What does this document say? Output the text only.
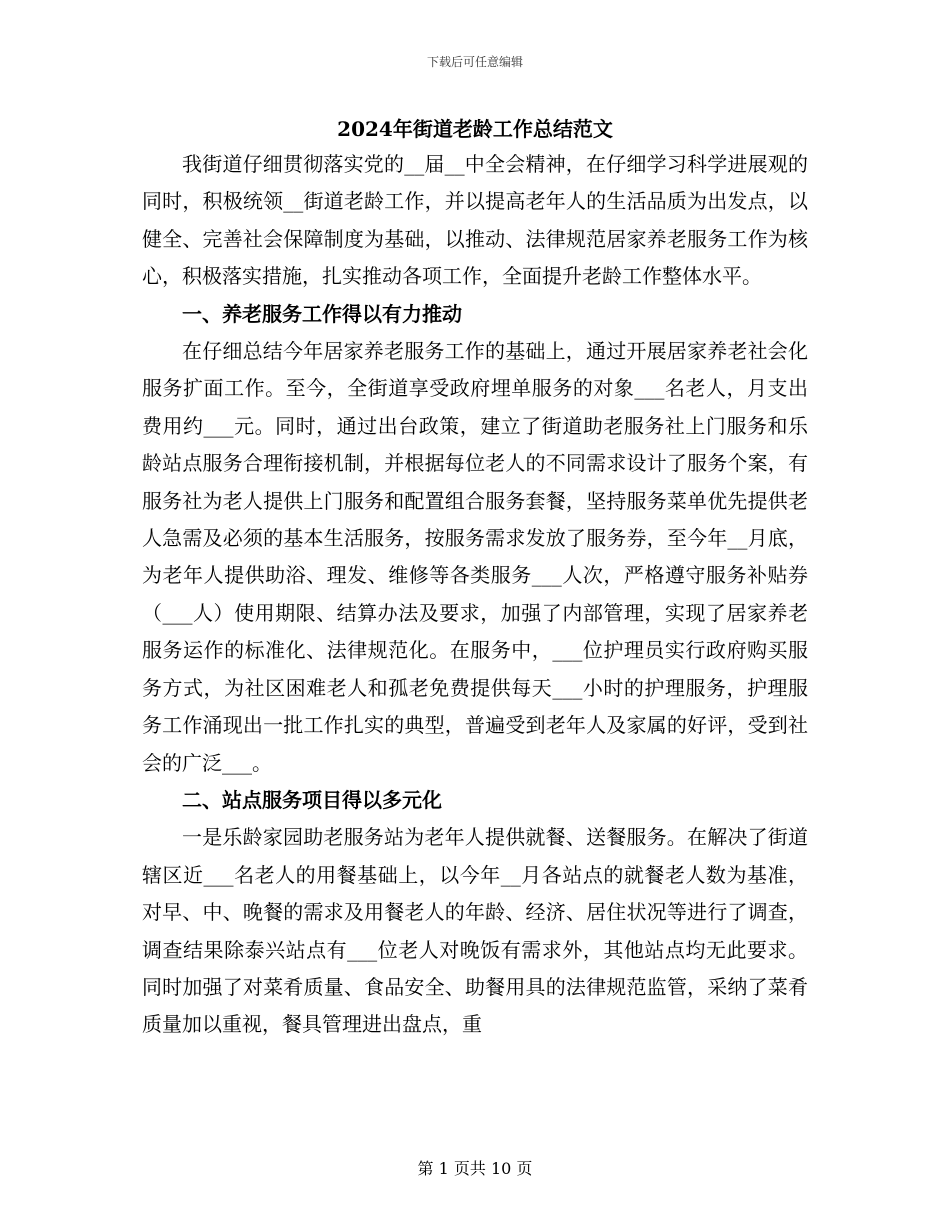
下载后可任意编辑
2024年街道老龄工作总结范文

我街道仔细贯彻落实党的__届__中全会精神，在仔细学习科学进展观的同时，积极统领__街道老龄工作，并以提高老年人的生活品质为出发点，以健全、完善社会保障制度为基础，以推动、法律规范居家养老服务工作为核心，积极落实措施，扎实推动各项工作，全面提升老龄工作整体水平。

一、养老服务工作得以有力推动

在仔细总结今年居家养老服务工作的基础上，通过开展居家养老社会化服务扩面工作。至今，全街道享受政府埋单服务的对象___名老人，月支出费用约___元。同时，通过出台政策，建立了街道助老服务社上门服务和乐龄站点服务合理衔接机制，并根据每位老人的不同需求设计了服务个案，有服务社为老人提供上门服务和配置组合服务套餐，坚持服务菜单优先提供老人急需及必须的基本生活服务，按服务需求发放了服务券，至今年__月底，为老年人提供助浴、理发、维修等各类服务___人次，严格遵守服务补贴券（___人）使用期限、结算办法及要求，加强了内部管理，实现了居家养老服务运作的标准化、法律规范化。在服务中，___位护理员实行政府购买服务方式，为社区困难老人和孤老免费提供每天___小时的护理服务，护理服务工作涌现出一批工作扎实的典型，普遍受到老年人及家属的好评，受到社会的广泛___。

二、站点服务项目得以多元化

一是乐龄家园助老服务站为老年人提供就餐、送餐服务。在解决了街道辖区近___名老人的用餐基础上，以今年__月各站点的就餐老人数为基准，对早、中、晚餐的需求及用餐老人的年龄、经济、居住状况等进行了调查，调查结果除泰兴站点有___位老人对晚饭有需求外，其他站点均无此要求。同时加强了对菜肴质量、食品安全、助餐用具的法律规范监管，采纳了菜肴质量加以重视，餐具管理进出盘点，重

第 1 页共 10 页
